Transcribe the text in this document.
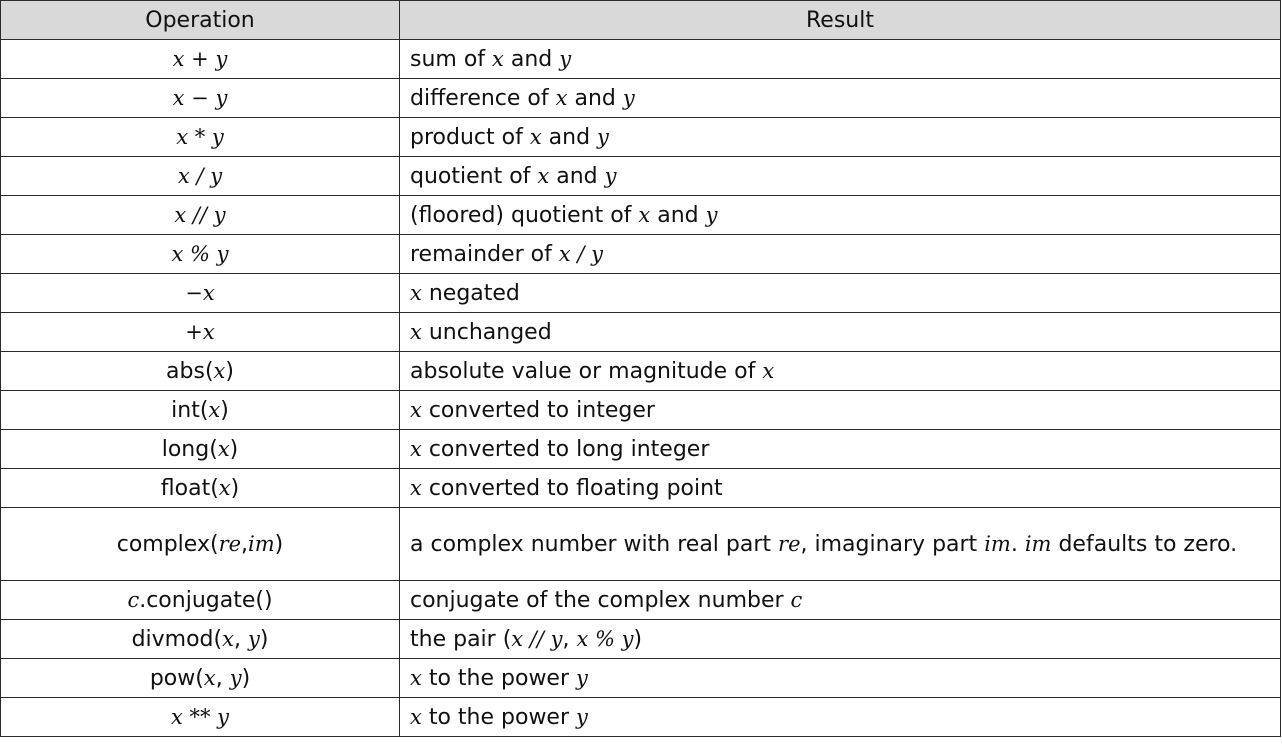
Operation	Result
x + y	sum of x and y
x − y	difference of x and y
x * y	product of x and y
x / y	quotient of x and y
x // y	(floored) quotient of x and y
x % y	remainder of x / y
−x	x negated
+x	x unchanged
abs(x)	absolute value or magnitude of x
int(x)	x converted to integer
long(x)	x converted to long integer
float(x)	x converted to floating point
complex(re,im)	a complex number with real part re, imaginary part im. im defaults to zero.
c.conjugate()	conjugate of the complex number c
divmod(x, y)	the pair (x // y, x % y)
pow(x, y)	x to the power y
x ** y	x to the power y
